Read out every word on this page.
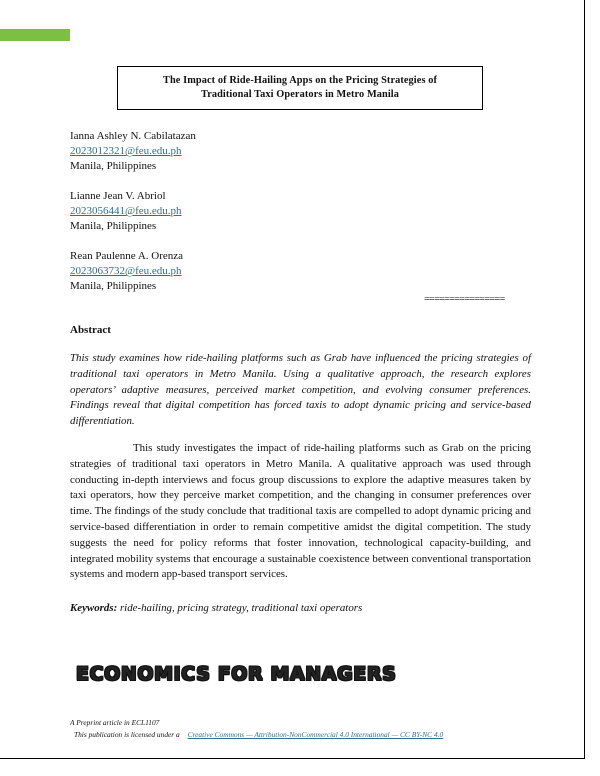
The Impact of Ride-Hailing Apps on the Pricing Strategies of
Traditional Taxi Operators in Metro Manila
Ianna Ashley N. Cabilatazan
2023012321@feu.edu.ph
Manila, Philippines
Lianne Jean V. Abriol
2023056441@feu.edu.ph
Manila, Philippines
Rean Paulenne A. Orenza
2023063732@feu.edu.ph
Manila, Philippines
================
Abstract
This study examines how ride-hailing platforms such as Grab have influenced the pricing strategies of traditional taxi operators in Metro Manila. Using a qualitative approach, the research explores operators’ adaptive measures, perceived market competition, and evolving consumer preferences. Findings reveal that digital competition has forced taxis to adopt dynamic pricing and service-based differentiation.
This study investigates the impact of ride-hailing platforms such as Grab on the pricing strategies of traditional taxi operators in Metro Manila. A qualitative approach was used through conducting in-depth interviews and focus group discussions to explore the adaptive measures taken by taxi operators, how they perceive market competition, and the changing in consumer preferences over time. The findings of the study conclude that traditional taxis are compelled to adopt dynamic pricing and service-based differentiation in order to remain competitive amidst the digital competition. The study suggests the need for policy reforms that foster innovation, technological capacity-building, and integrated mobility systems that encourage a sustainable coexistence between conventional transportation systems and modern app-based transport services.
Keywords: ride-hailing, pricing strategy, traditional taxi operators
ECONOMICS FOR MANAGERS
A Preprint article in ECL1107
This publication is licensed under a Creative Commons — Attribution-NonCommercial 4.0 International — CC BY-NC 4.0
